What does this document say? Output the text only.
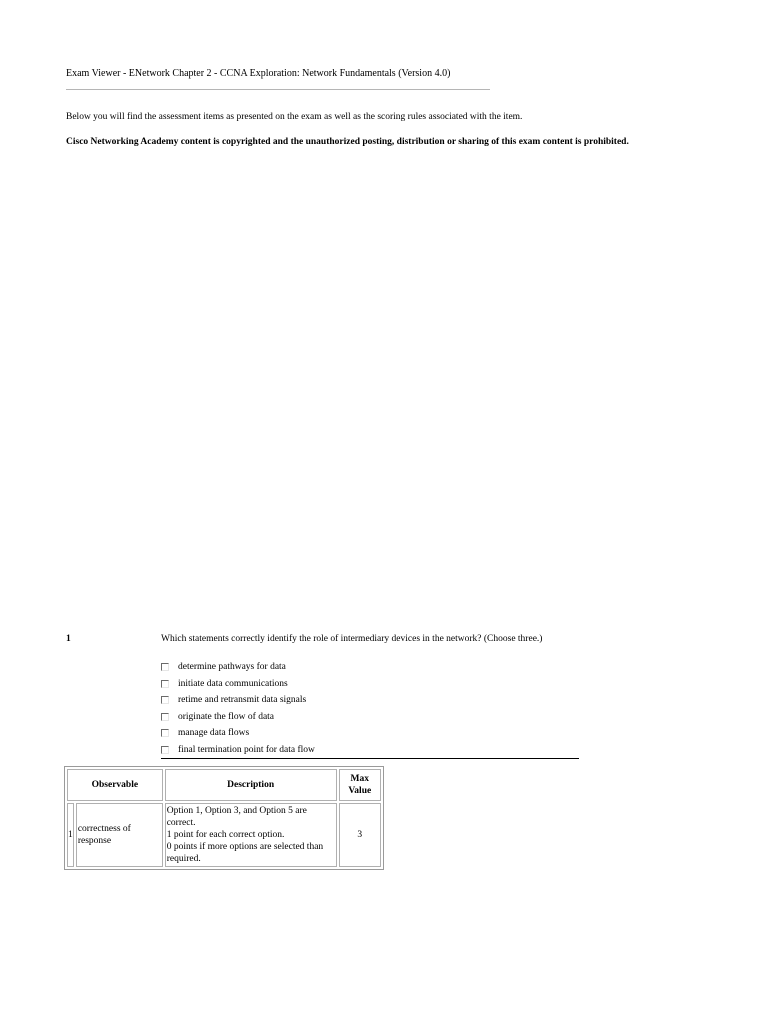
Exam Viewer - ENetwork Chapter 2 - CCNA Exploration: Network Fundamentals (Version 4.0)
Below you will find the assessment items as presented on the exam as well as the scoring rules associated with the item.
Cisco Networking Academy content is copyrighted and the unauthorized posting, distribution or sharing of this exam content is prohibited.
1	Which statements correctly identify the role of intermediary devices in the network? (Choose three.)
determine pathways for data
initiate data communications
retime and retransmit data signals
originate the flow of data
manage data flows
final termination point for data flow
Observable		Description	Max Value
1	correctness of response	Option 1, Option 3, and Option 5 are correct.
1 point for each correct option.
0 points if more options are selected than required.	3
